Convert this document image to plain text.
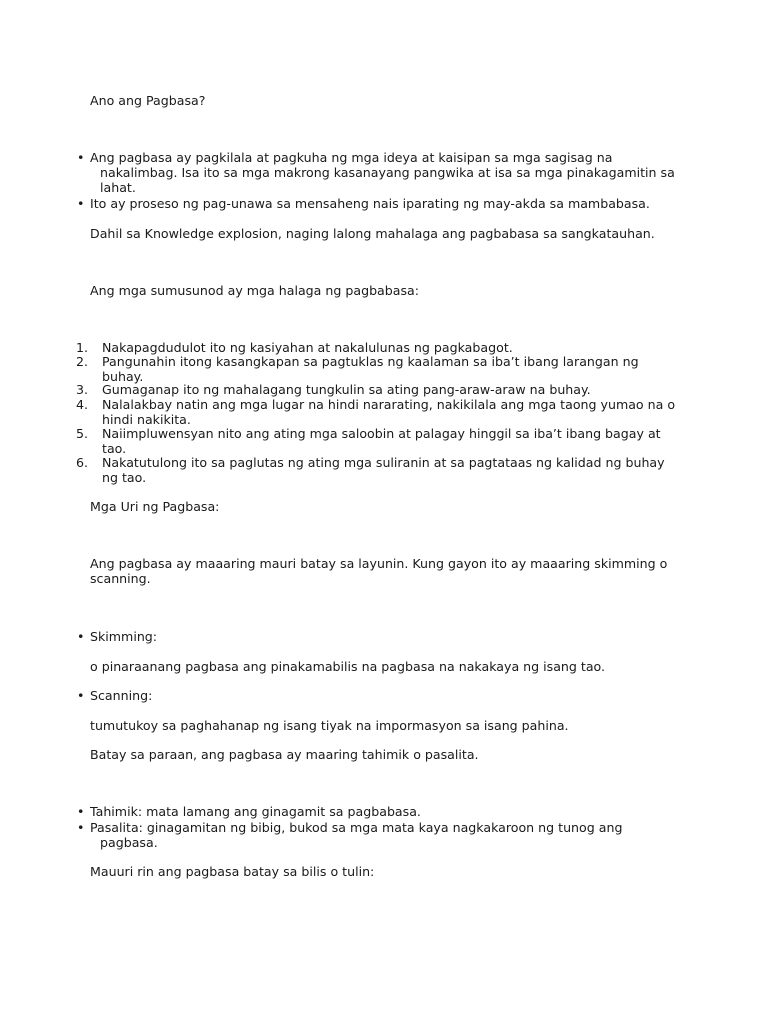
Ano ang Pagbasa?

• Ang pagbasa ay pagkilala at pagkuha ng mga ideya at kaisipan sa mga sagisag na nakalimbag. Isa ito sa mga makrong kasanayang pangwika at isa sa mga pinakagamitin sa lahat.
• Ito ay proseso ng pag-unawa sa mensaheng nais iparating ng may-akda sa mambabasa.

Dahil sa Knowledge explosion, naging lalong mahalaga ang pagbabasa sa sangkatauhan.

Ang mga sumusunod ay mga halaga ng pagbabasa:

1.	Nakapagdudulot ito ng kasiyahan at nakalulunas ng pagkabagot.
2.	Pangunahin itong kasangkapan sa pagtuklas ng kaalaman sa iba’t ibang larangan ng buhay.
3.	Gumaganap ito ng mahalagang tungkulin sa ating pang-araw-araw na buhay.
4.	Nalalakbay natin ang mga lugar na hindi nararating, nakikilala ang mga taong yumao na o hindi nakikita.
5.	Naiimpluwensyan nito ang ating mga saloobin at palagay hinggil sa iba’t ibang bagay at tao.
6.	Nakatutulong ito sa paglutas ng ating mga suliranin at sa pagtataas ng kalidad ng buhay ng tao.

Mga Uri ng Pagbasa:

Ang pagbasa ay maaaring mauri batay sa layunin. Kung gayon ito ay maaaring skimming o scanning.

• Skimming:

o pinaraanang pagbasa ang pinakamabilis na pagbasa na nakakaya ng isang tao.

• Scanning:

tumutukoy sa paghahanap ng isang tiyak na impormasyon sa isang pahina.

Batay sa paraan, ang pagbasa ay maaring tahimik o pasalita.

• Tahimik: mata lamang ang ginagamit sa pagbabasa.
• Pasalita: ginagamitan ng bibig, bukod sa mga mata kaya nagkakaroon ng tunog ang pagbasa.

Mauuri rin ang pagbasa batay sa bilis o tulin:
